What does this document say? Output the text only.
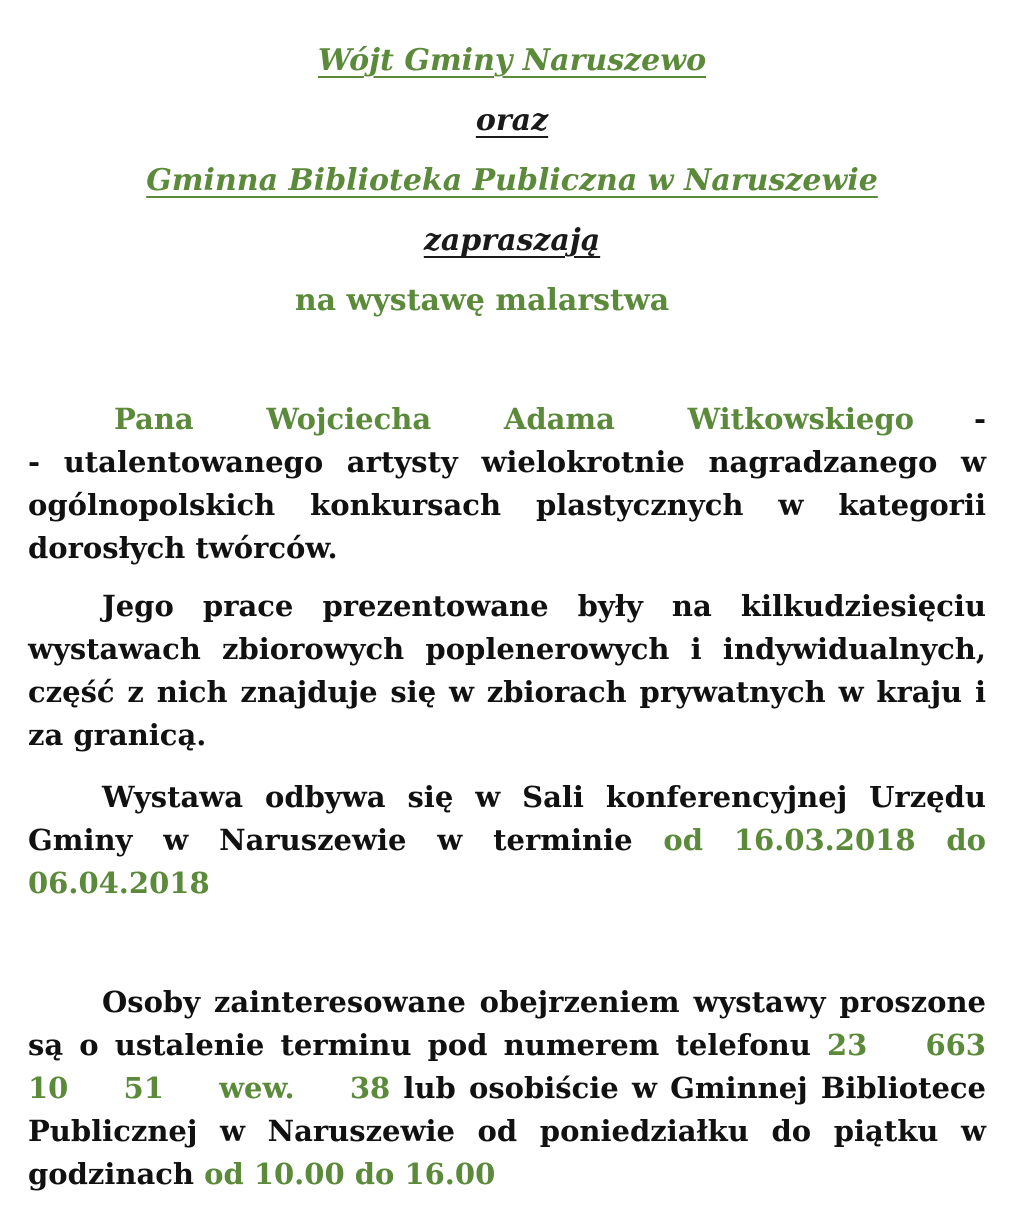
Wójt Gminy Naruszewo

oraz

Gminna Biblioteka Publiczna w Naruszewie

zapraszają

na wystawę malarstwa

Pana	Wojciecha	Adama	Witkowskiego -
- utalentowanego artysty wielokrotnie nagradzanego w ogólnopolskich konkursach plastycznych w kategorii dorosłych twórców.

Jego prace prezentowane były na kilkudziesięciu wystawach zbiorowych poplenerowych i indywidualnych, część z nich znajduje się w zbiorach prywatnych w kraju i za granicą.

Wystawa odbywa się w Sali konferencyjnej Urzędu Gminy w Naruszewie w terminie od 16.03.2018 do 06.04.2018

Osoby zainteresowane obejrzeniem wystawy proszone są o ustalenie terminu pod numerem telefonu 23 663 10 51 wew. 38 lub osobiście w Gminnej Bibliotece Publicznej w Naruszewie od poniedziałku do piątku w godzinach od 10.00 do 16.00
